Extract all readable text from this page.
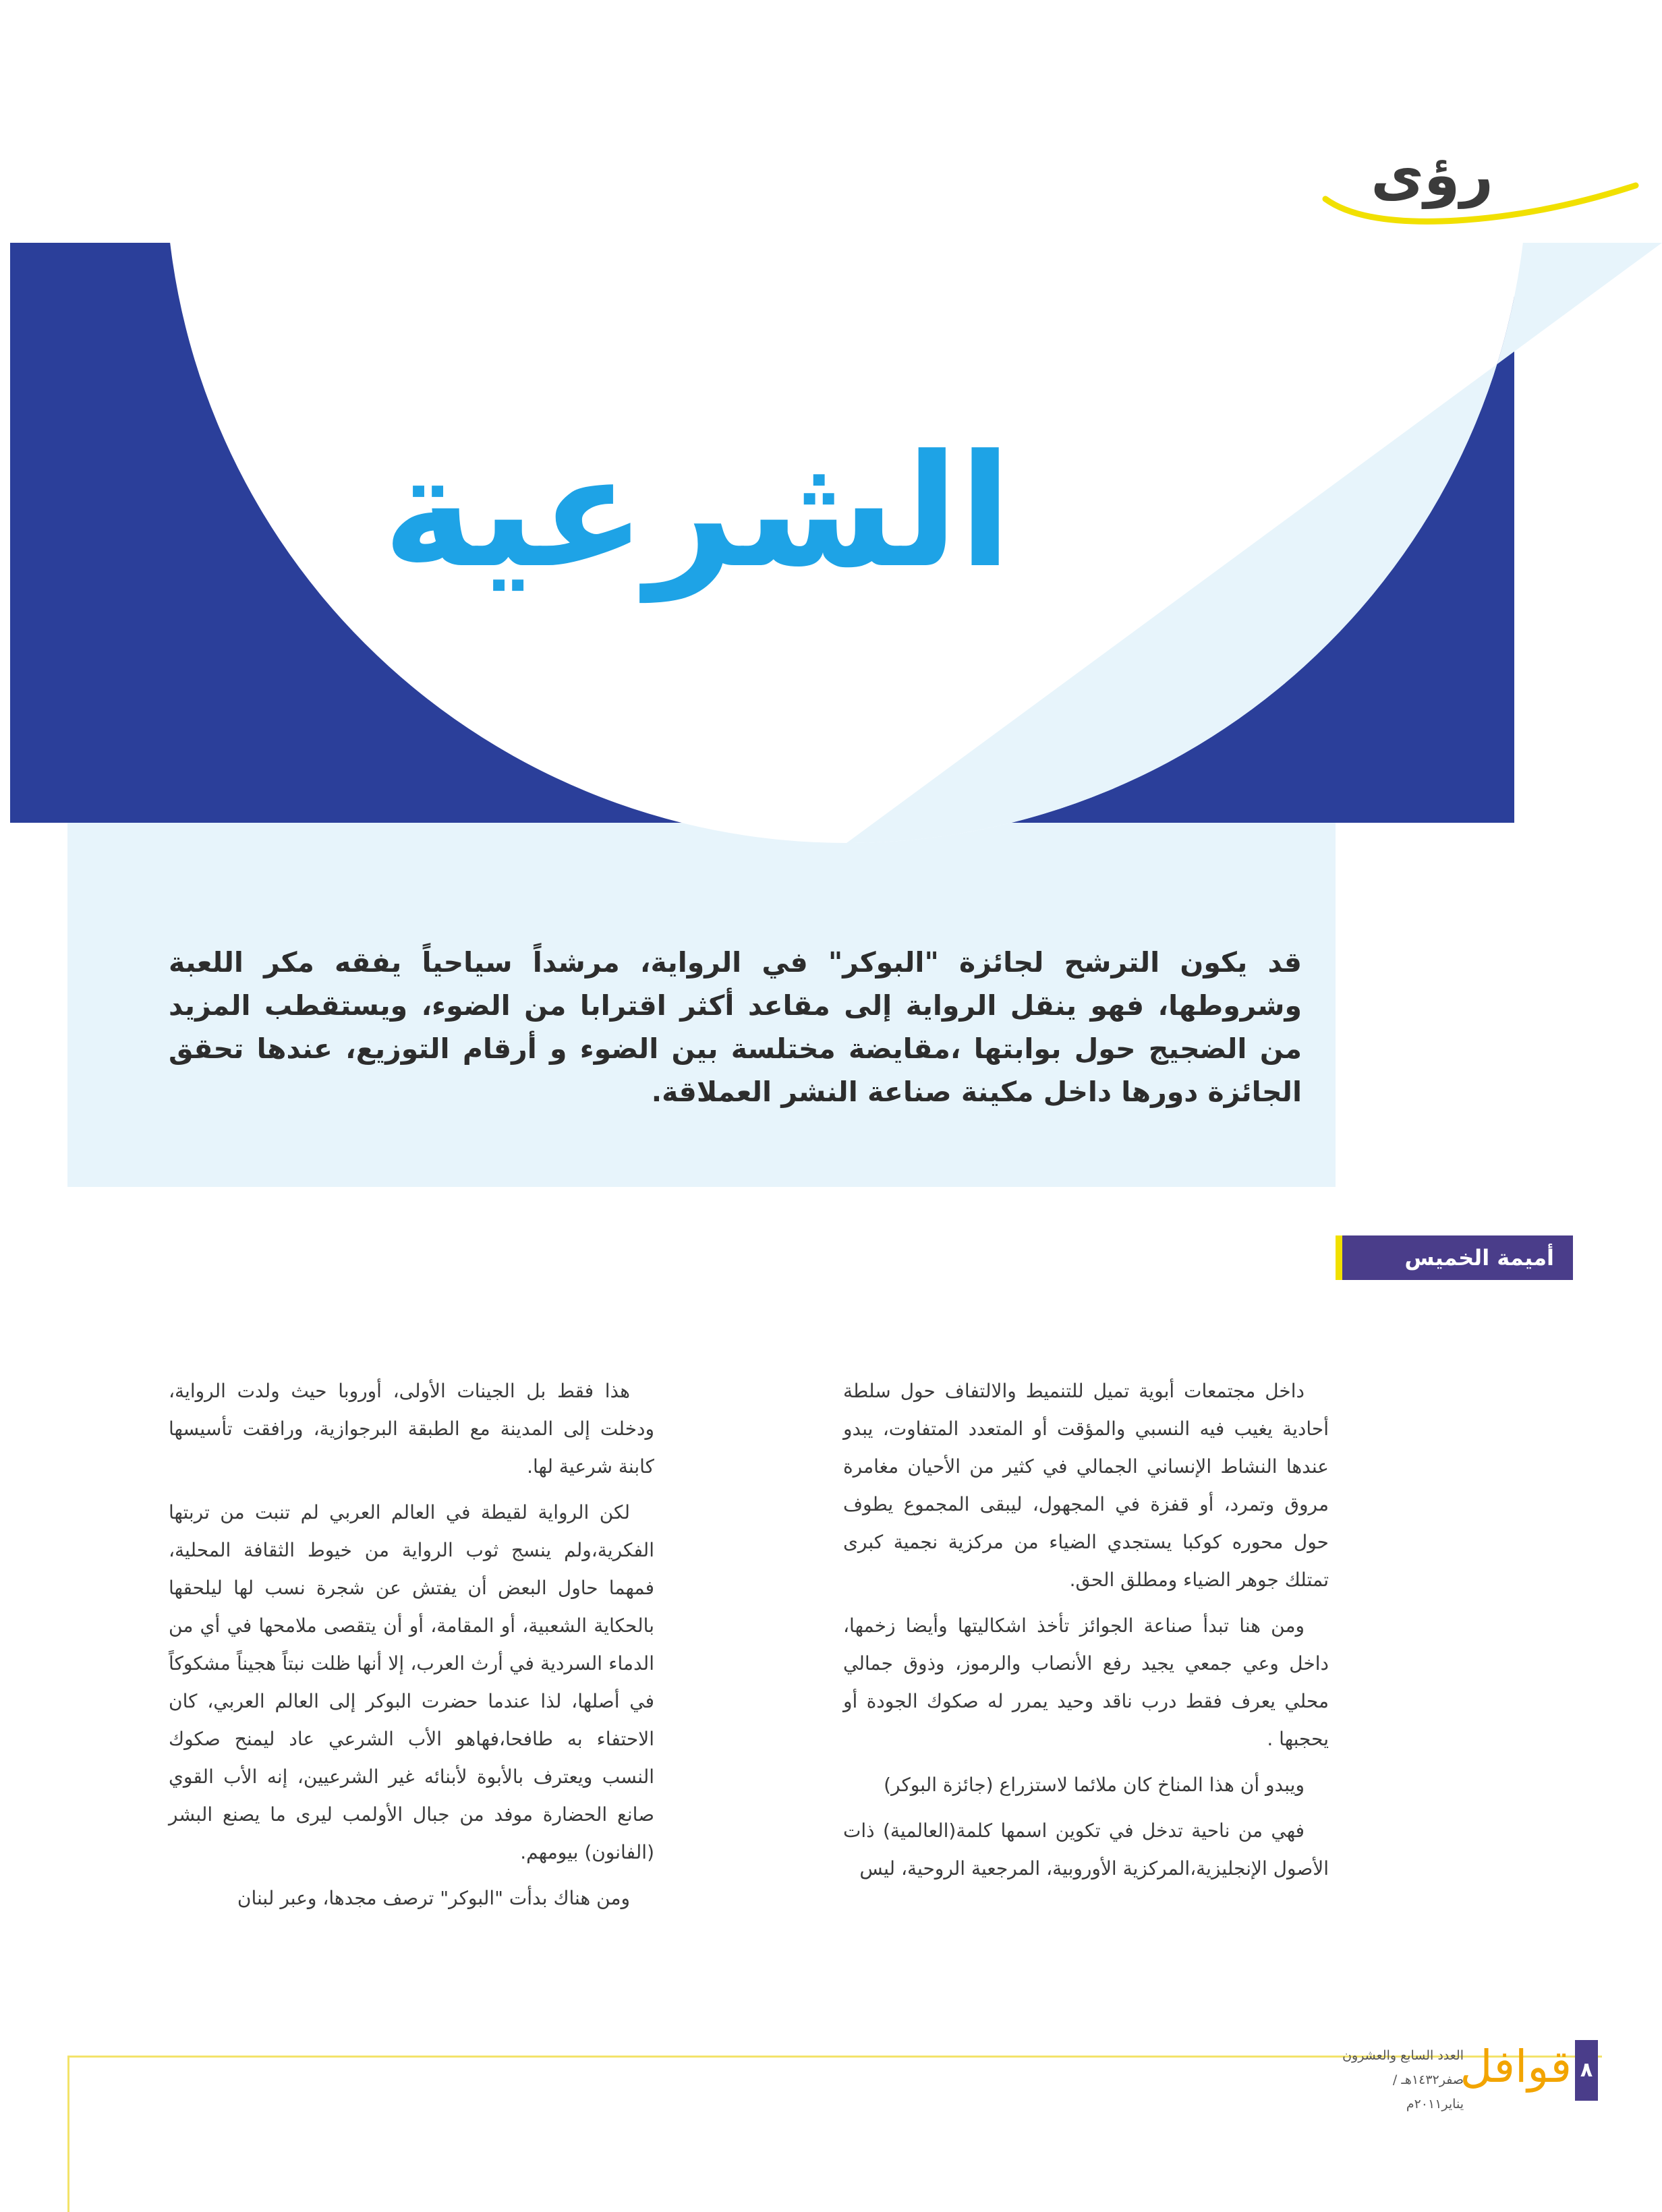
رؤى
الشرعية
قد يكون الترشح لجائزة "البوكر" في الرواية، مرشداً سياحياً يفقه مكر اللعبة وشروطها، فهو ينقل الرواية إلى مقاعد أكثر اقترابا من الضوء، ويستقطب المزيد من الضجيج حول بوابتها ،مقايضة مختلسة بين الضوء و أرقام التوزيع، عندها تحقق الجائزة دورها داخل مكينة صناعة النشر العملاقة.
أميمة الخميس

داخل مجتمعات أبوية تميل للتنميط والالتفاف حول سلطة أحادية يغيب فيه النسبي والمؤقت أو المتعدد المتفاوت، يبدو عندها النشاط الإنساني الجمالي في كثير من الأحيان مغامرة مروق وتمرد، أو قفزة في المجهول، ليبقى المجموع يطوف حول محوره كوكبا يستجدي الضياء من مركزية نجمية كبرى تمتلك جوهر الضياء ومطلق الحق.

ومن هنا تبدأ صناعة الجوائز تأخذ اشكاليتها وأيضا زخمها، داخل وعي جمعي يجيد رفع الأنصاب والرموز، وذوق جمالي محلي يعرف فقط درب ناقد وحيد يمرر له صكوك الجودة أو يحجبها .

ويبدو أن هذا المناخ كان ملائما لاستزراع (جائزة البوكر)

فهي من ناحية تدخل في تكوين اسمها كلمة(العالمية) ذات الأصول الإنجليزية،المركزية الأوروبية، المرجعية الروحية، ليس

هذا فقط بل الجينات الأولى، أوروبا حيث ولدت الرواية، ودخلت إلى المدينة مع الطبقة البرجوازية، ورافقت تأسيسها كابنة شرعية لها.

لكن الرواية لقيطة في العالم العربي لم تنبت من تربتها الفكرية،ولم ينسج ثوب الرواية من خيوط الثقافة المحلية، فمهما حاول البعض أن يفتش عن شجرة نسب لها ليلحقها بالحكاية الشعبية، أو المقامة، أو أن يتقصى ملامحها في أي من الدماء السردية في أرث العرب، إلا أنها ظلت نبتاً هجيناً مشكوكاً في أصلها، لذا عندما حضرت البوكر إلى العالم العربي، كان الاحتفاء به طافحا،فهاهو الأب الشرعي عاد ليمنح صكوك النسب ويعترف بالأبوة لأبنائه غير الشرعيين، إنه الأب القوي صانع الحضارة موفد من جبال الأولمب ليرى ما يصنع البشر (الفانون) بيومهم.

ومن هناك بدأت "البوكر" ترصف مجدها، وعبر لبنان

٨
قوافل
العدد السابع والعشرون
صفر١٤٣٢هـ / يناير٢٠١١م
